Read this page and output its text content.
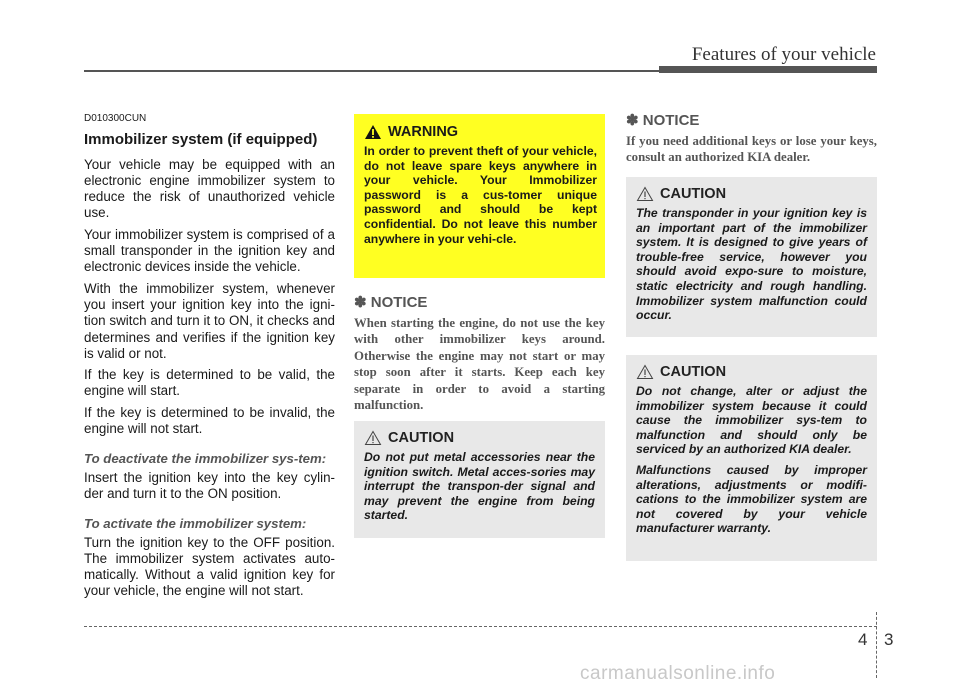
Features of your vehicle
D010300CUN
Immobilizer system (if equipped)

Your vehicle may be equipped with an electronic engine immobilizer system to reduce the risk of unauthorized vehicle use.

Your immobilizer system is comprised of a small transponder in the ignition key and electronic devices inside the vehicle.

With the immobilizer system, whenever you insert your ignition key into the igni-tion switch and turn it to ON, it checks and determines and verifies if the ignition key is valid or not.

If the key is determined to be valid, the engine will start.

If the key is determined to be invalid, the engine will not start.

To deactivate the immobilizer sys-tem:

Insert the ignition key into the key cylin-der and turn it to the ON position.

To activate the immobilizer system:

Turn the ignition key to the OFF position. The immobilizer system activates auto-matically. Without a valid ignition key for your vehicle, the engine will not start.

WARNING
In order to prevent theft of your vehicle, do not leave spare keys anywhere in your vehicle. Your Immobilizer password is a cus-tomer unique password and should be kept confidential. Do not leave this number anywhere in your vehi-cle.
✽ NOTICE
When starting the engine, do not use the key with other immobilizer keys around. Otherwise the engine may not start or may stop soon after it starts. Keep each key separate in order to avoid a starting malfunction.
CAUTION

Do not put metal accessories near the ignition switch. Metal acces-sories may interrupt the transpon-der signal and may prevent the engine from being started.

✽ NOTICE
If you need additional keys or lose your keys, consult an authorized KIA dealer.
CAUTION

The transponder in your ignition key is an important part of the immobilizer system. It is designed to give years of trouble-free service, however you should avoid expo-sure to moisture, static electricity and rough handling. Immobilizer system malfunction could occur.

CAUTION

Do not change, alter or adjust the immobilizer system because it could cause the immobilizer sys-tem to malfunction and should only be serviced by an authorized KIA dealer.

Malfunctions caused by improper alterations, adjustments or modifi-cations to the immobilizer system are not covered by your vehicle manufacturer warranty.

4 3
carmanualsonline.info
